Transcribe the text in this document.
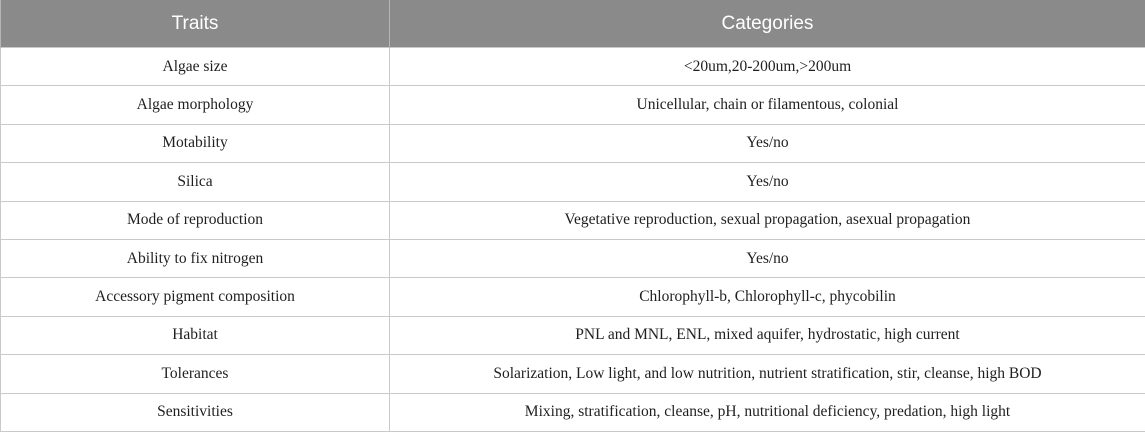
Traits	Categories
Algae size	<20um,20-200um,>200um
Algae morphology	Unicellular, chain or filamentous, colonial
Motability	Yes/no
Silica	Yes/no
Mode of reproduction	Vegetative reproduction, sexual propagation, asexual propagation
Ability to fix nitrogen	Yes/no
Accessory pigment composition	Chlorophyll-b, Chlorophyll-c, phycobilin
Habitat	PNL and MNL, ENL, mixed aquifer, hydrostatic, high current
Tolerances	Solarization, Low light, and low nutrition, nutrient stratification, stir, cleanse, high BOD
Sensitivities	Mixing, stratification, cleanse, pH, nutritional deficiency, predation, high light
